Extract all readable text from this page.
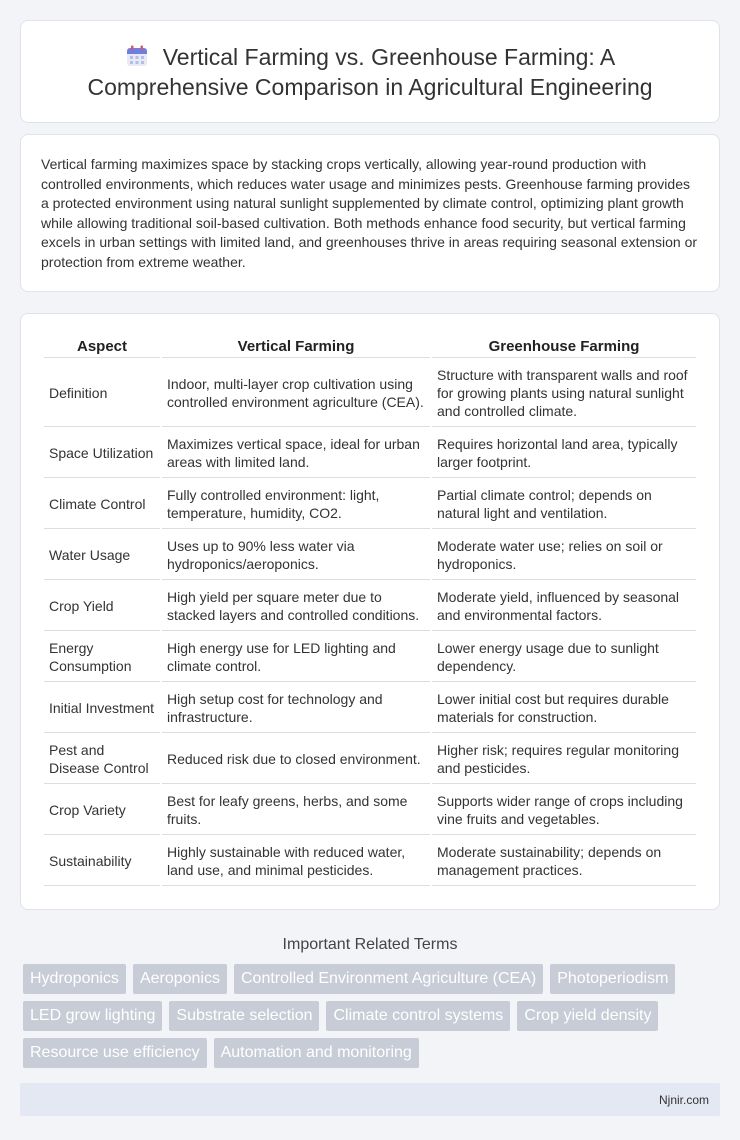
Vertical Farming vs. Greenhouse Farming: A Comprehensive Comparison in Agricultural Engineering

Vertical farming maximizes space by stacking crops vertically, allowing year-round production with controlled environments, which reduces water usage and minimizes pests. Greenhouse farming provides a protected environment using natural sunlight supplemented by climate control, optimizing plant growth while allowing traditional soil-based cultivation. Both methods enhance food security, but vertical farming excels in urban settings with limited land, and greenhouses thrive in areas requiring seasonal extension or protection from extreme weather.

Aspect	Vertical Farming	Greenhouse Farming
Definition	Indoor, multi-layer crop cultivation using controlled environment agriculture (CEA).	Structure with transparent walls and roof for growing plants using natural sunlight and controlled climate.
Space Utilization	Maximizes vertical space, ideal for urban areas with limited land.	Requires horizontal land area, typically larger footprint.
Climate Control	Fully controlled environment: light, temperature, humidity, CO2.	Partial climate control; depends on natural light and ventilation.
Water Usage	Uses up to 90% less water via hydroponics/aeroponics.	Moderate water use; relies on soil or hydroponics.
Crop Yield	High yield per square meter due to stacked layers and controlled conditions.	Moderate yield, influenced by seasonal and environmental factors.
Energy Consumption	High energy use for LED lighting and climate control.	Lower energy usage due to sunlight dependency.
Initial Investment	High setup cost for technology and infrastructure.	Lower initial cost but requires durable materials for construction.
Pest and Disease Control	Reduced risk due to closed environment.	Higher risk; requires regular monitoring and pesticides.
Crop Variety	Best for leafy greens, herbs, and some fruits.	Supports wider range of crops including vine fruits and vegetables.
Sustainability	Highly sustainable with reduced water, land use, and minimal pesticides.	Moderate sustainability; depends on management practices.
Important Related Terms
Hydroponics	Aeroponics	Controlled Environment Agriculture (CEA)	Photoperiodism
LED grow lighting	Substrate selection	Climate control systems	Crop yield density
Resource use efficiency	Automation and monitoring
Njnir.com
